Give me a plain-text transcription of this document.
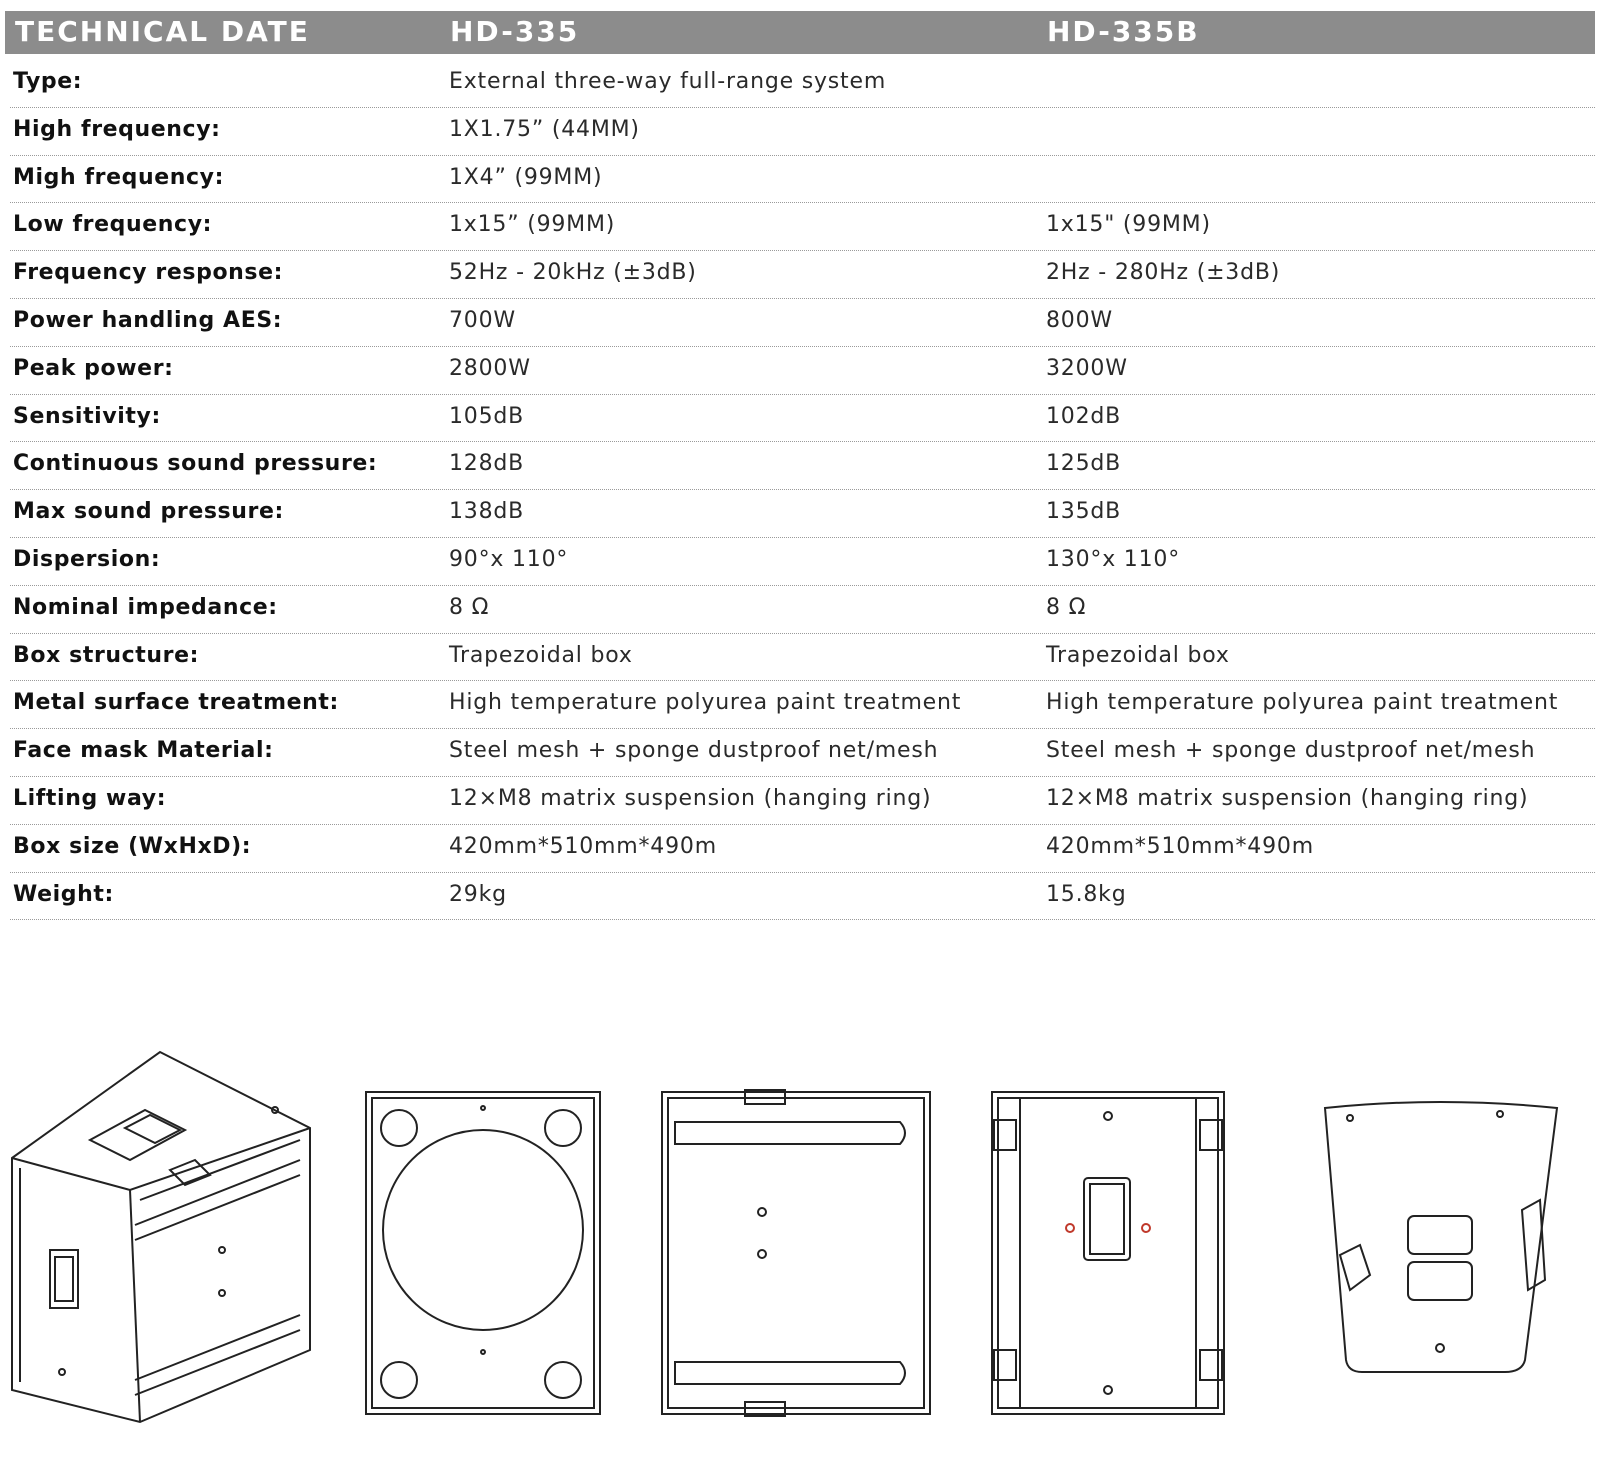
TECHNICAL DATE	HD-335	HD-335B
Type:	External three-way full-range system
High frequency:	1X1.75” (44MM)
Migh frequency:	1X4” (99MM)
Low frequency:	1x15” (99MM)	1x15" (99MM)
Frequency response:	52Hz - 20kHz (±3dB)	2Hz - 280Hz (±3dB)
Power handling AES:	700W	800W
Peak power:	2800W	3200W
Sensitivity:	105dB	102dB
Continuous sound pressure:	128dB	125dB
Max sound pressure:	138dB	135dB
Dispersion:	90°x 110°	130°x 110°
Nominal impedance:	8 Ω	8 Ω
Box structure:	Trapezoidal box	Trapezoidal box
Metal surface treatment:	High temperature polyurea paint treatment	High temperature polyurea paint treatment
Face mask Material:	Steel mesh + sponge dustproof net/mesh	Steel mesh + sponge dustproof net/mesh
Lifting way:	12×M8 matrix suspension (hanging ring)	12×M8 matrix suspension (hanging ring)
Box size (WxHxD):	420mm*510mm*490m	420mm*510mm*490m
Weight:	29kg	15.8kg
